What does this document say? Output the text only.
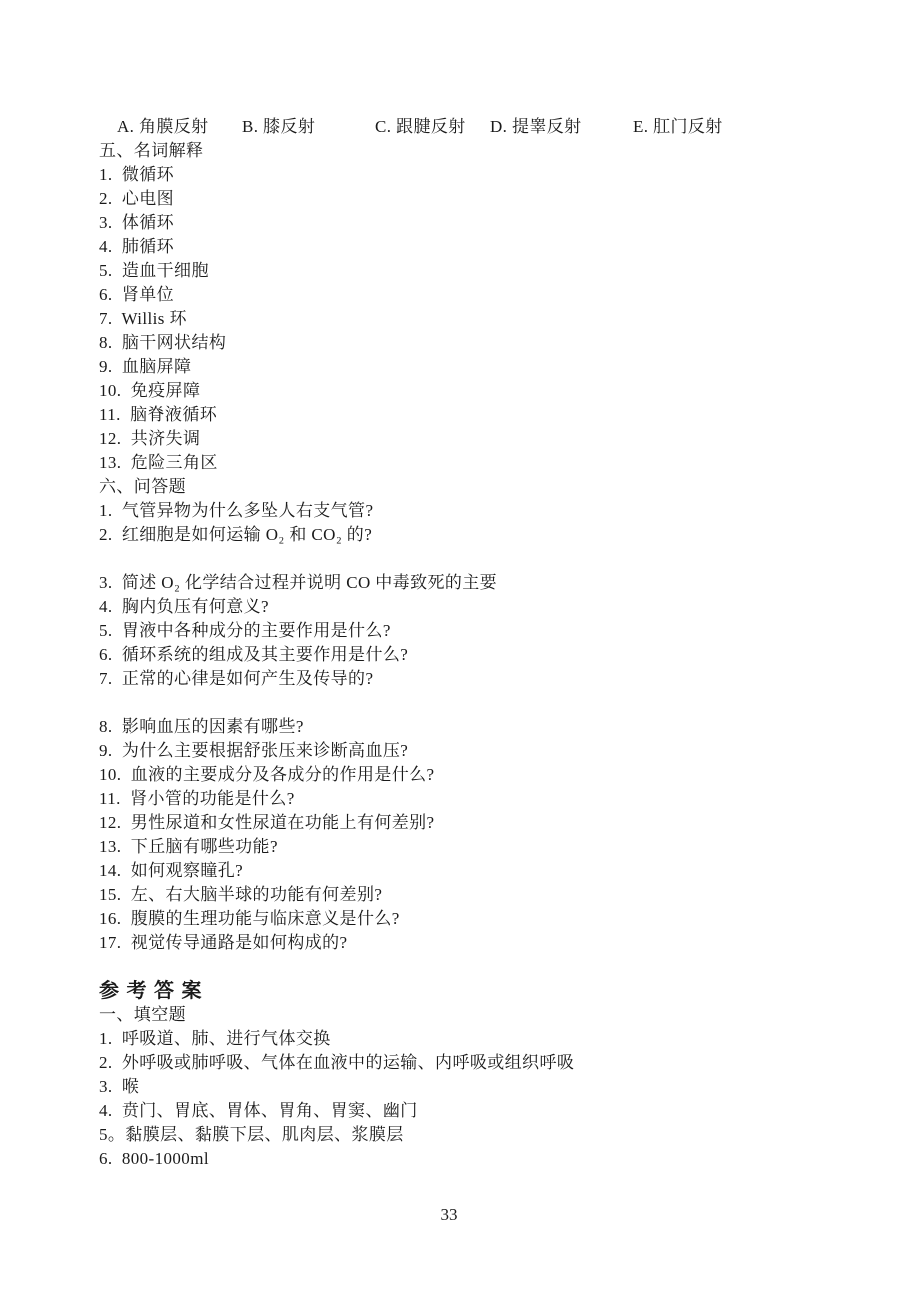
A. 角膜反射

B. 膝反射

	C. 跟腱反射

D. 提睾反射

	E. 肛门反射

五、名词解释
1.  微循环
2.  心电图
3.  体循环
4.  肺循环
5.  造血干细胞
6.  肾单位
7.  Willis 环
8.  脑干网状结构
9.  血脑屏障
10.  免疫屏障
11.  脑脊液循环
12.  共济失调
13.  危险三角区
六、问答题
1.  气管异物为什么多坠人右支气管?
2.  红细胞是如何运输 O₂ 和 CO₂ 的?
3.  简述 O₂ 化学结合过程并说明 CO 中毒致死的主要
4.  胸内负压有何意义?
5.  胃液中各种成分的主要作用是什么?
6.  循环系统的组成及其主要作用是什么?
7.  正常的心律是如何产生及传导的?
8.  影响血压的因素有哪些?
9.  为什么主要根据舒张压来诊断高血压?
10.  血液的主要成分及各成分的作用是什么?
11.  肾小管的功能是什么?
12.  男性尿道和女性尿道在功能上有何差别?
13.  下丘脑有哪些功能?
14.  如何观察瞳孔?
15.  左、右大脑半球的功能有何差别?
16.  腹膜的生理功能与临床意义是什么?
17.  视觉传导通路是如何构成的?
参考答案
一、填空题
1.  呼吸道、肺、进行气体交换
2.  外呼吸或肺呼吸、气体在血液中的运输、内呼吸或组织呼吸
3.  喉
4.  贲门、胃底、胃体、胃角、胃窦、幽门
5。黏膜层、黏膜下层、肌肉层、浆膜层
6.  800-1000ml
33
